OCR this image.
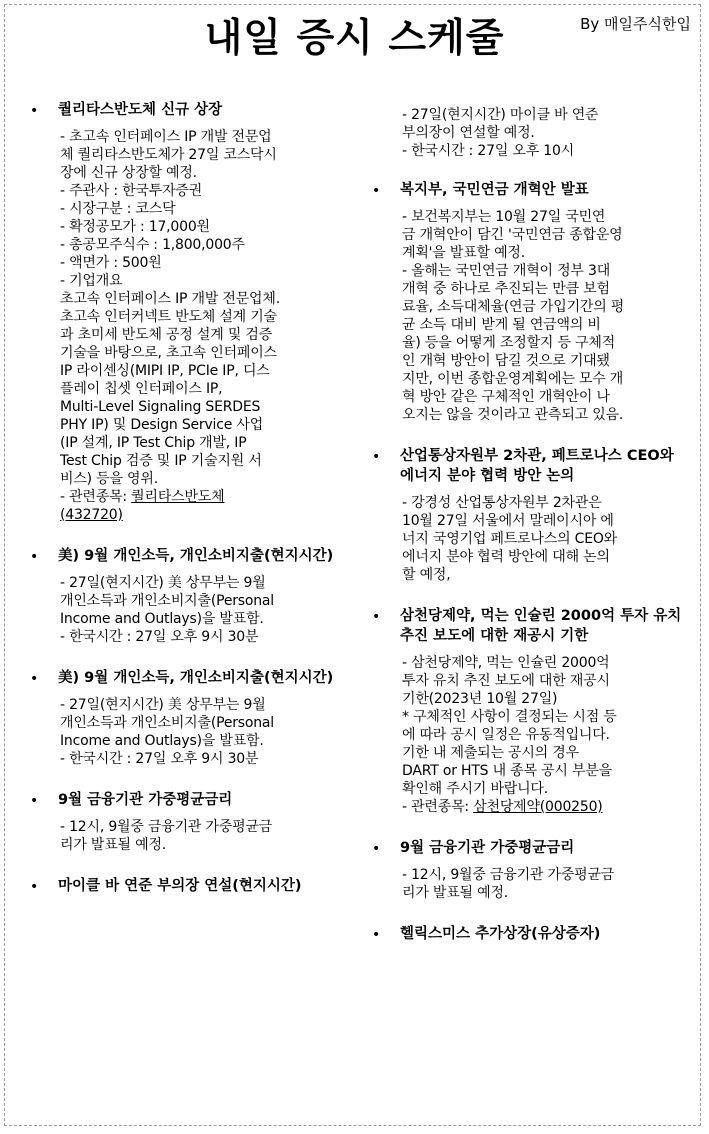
내일 증시 스케줄	By 매일주식한입
• 퀄리타스반도체 신규 상장
- 초고속 인터페이스 IP 개발 전문업
체 퀄리타스반도체가 27일 코스닥시
장에 신규 상장할 예정.
- 주관사 : 한국투자증권
- 시장구분 : 코스닥
- 확정공모가 : 17,000원
- 총공모주식수 : 1,800,000주
- 액면가 : 500원
- 기업개요
초고속 인터페이스 IP 개발 전문업체.
초고속 인터커넥트 반도체 설계 기술
과 초미세 반도체 공정 설계 및 검증
기술을 바탕으로, 초고속 인터페이스
IP 라이센싱(MIPI IP, PCIe IP, 디스
플레이 칩셋 인터페이스 IP,
Multi-Level Signaling SERDES
PHY IP) 및 Design Service 사업
(IP 설계, IP Test Chip 개발, IP
Test Chip 검증 및 IP 기술지원 서
비스) 등을 영위.
- 관련종목: 퀄리타스반도체
(432720)
• 美) 9월 개인소득, 개인소비지출(현지시간)
- 27일(현지시간) 美 상무부는 9월
개인소득과 개인소비지출(Personal
Income and Outlays)을 발표함.
- 한국시간 : 27일 오후 9시 30분
• 美) 9월 개인소득, 개인소비지출(현지시간)
- 27일(현지시간) 美 상무부는 9월
개인소득과 개인소비지출(Personal
Income and Outlays)을 발표함.
- 한국시간 : 27일 오후 9시 30분
• 9월 금융기관 가중평균금리
- 12시, 9월중 금융기관 가중평균금
리가 발표될 예정.
• 마이클 바 연준 부의장 연설(현지시간)
- 27일(현지시간) 마이클 바 연준
부의장이 연설할 예정.
- 한국시간 : 27일 오후 10시
• 복지부, 국민연금 개혁안 발표
- 보건복지부는 10월 27일 국민연
금 개혁안이 담긴 '국민연금 종합운영
계획'을 발표할 예정.
- 올해는 국민연금 개혁이 정부 3대
개혁 중 하나로 추진되는 만큼 보험
료율, 소득대체율(연금 가입기간의 평
균 소득 대비 받게 될 연금액의 비
율) 등을 어떻게 조정할지 등 구체적
인 개혁 방안이 담길 것으로 기대됐
지만, 이번 종합운영계획에는 모수 개
혁 방안 같은 구체적인 개혁안이 나
오지는 않을 것이라고 관측되고 있음.
• 산업통상자원부 2차관, 페트로나스 CEO와 에너지 분야 협력 방안 논의
- 강경성 산업통상자원부 2차관은
10월 27일 서울에서 말레이시아 에
너지 국영기업 페트로나스의 CEO와
에너지 분야 협력 방안에 대해 논의
할 예정,
• 삼천당제약, 먹는 인슐린 2000억 투자 유치 추진 보도에 대한 재공시 기한
- 삼천당제약, 먹는 인슐린 2000억
투자 유치 추진 보도에 대한 재공시
기한(2023년 10월 27일)
* 구체적인 사항이 결정되는 시점 등
에 따라 공시 일정은 유동적입니다.
기한 내 제출되는 공시의 경우
DART or HTS 내 종목 공시 부분을
확인해 주시기 바랍니다.
- 관련종목: 삼천당제약(000250)
• 9월 금융기관 가중평균금리
- 12시, 9월중 금융기관 가중평균금
리가 발표될 예정.
• 헬릭스미스 추가상장(유상증자)
